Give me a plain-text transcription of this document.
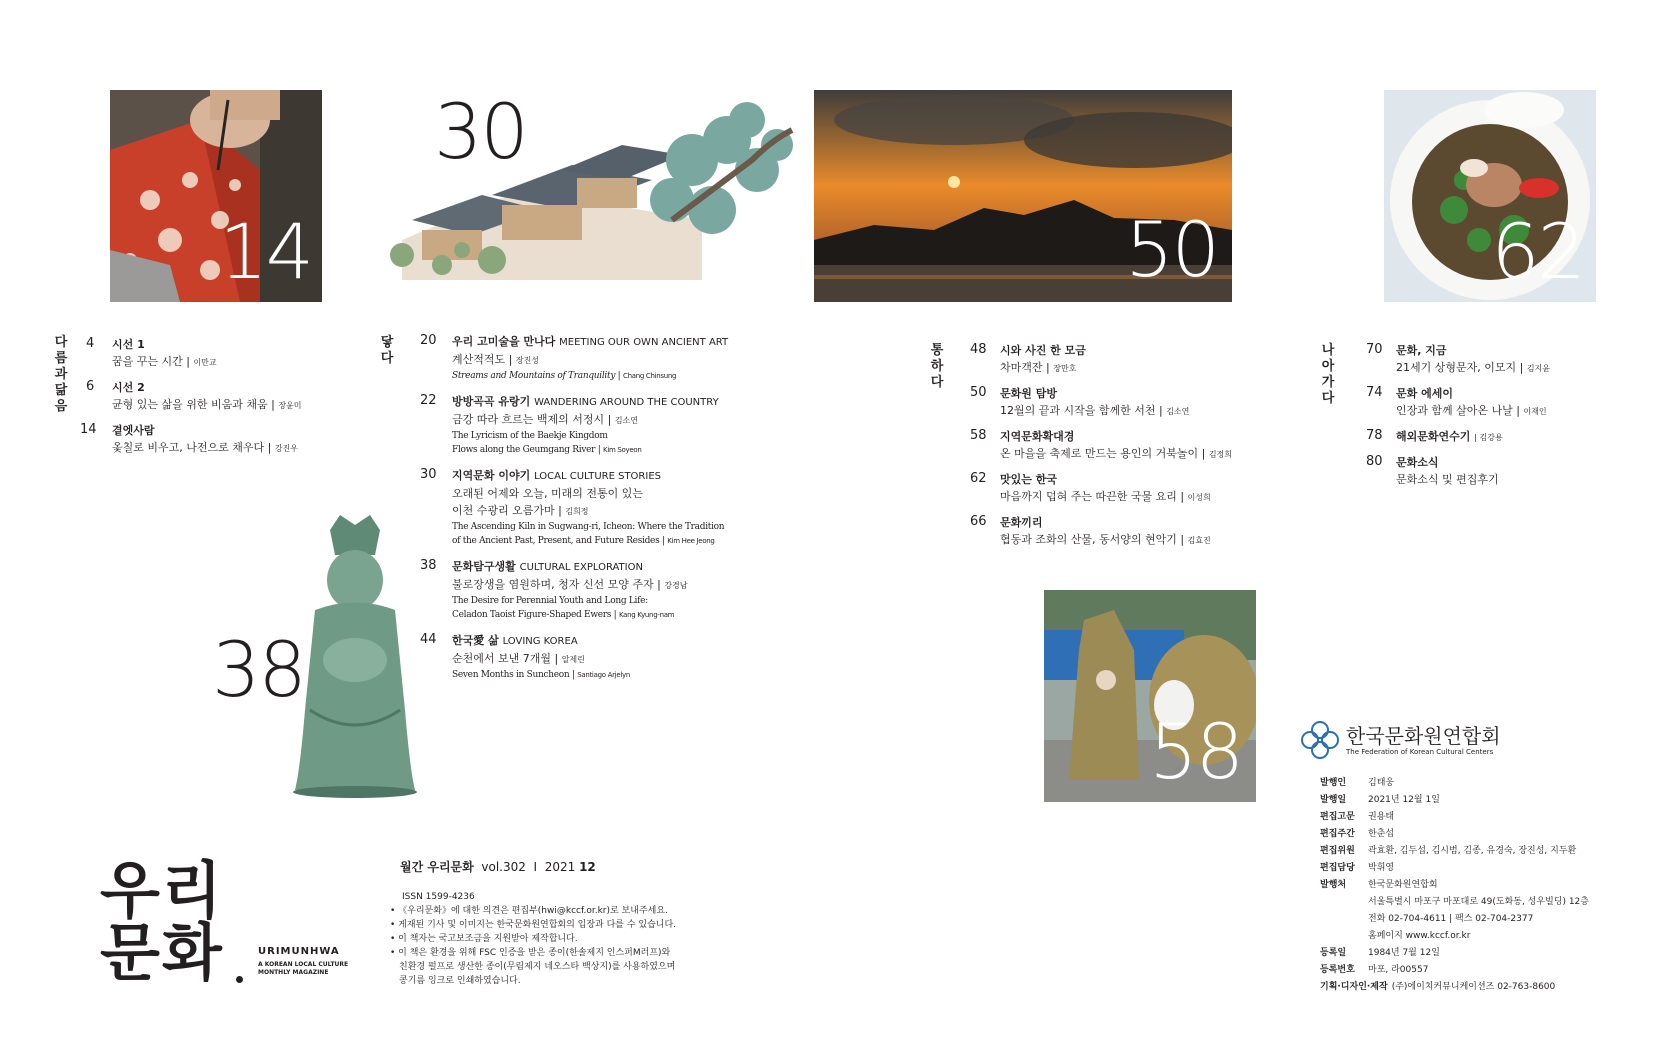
14
30
50	62
38
58
다름과 닮음
닿다
통하다
나아가다
4 시선 1
꿈을 꾸는 시간 | 이만교
6 시선 2
균형 있는 삶을 위한 비움과 채움 | 장윤미
14 곁엣사람
옻칠로 비우고, 나전으로 채우다 | 강진우
20 우리 고미술을 만나다 MEETING OUR OWN ANCIENT ART
계산적적도 | 장진성
Streams and Mountains of Tranquility | Chang Chinsung
22 방방곡곡 유랑기 WANDERING AROUND THE COUNTRY
금강 따라 흐르는 백제의 서정시 | 김소연
The Lyricism of the Baekje Kingdom
Flows along the Geumgang River | Kim Soyeon
30 지역문화 이야기 LOCAL CULTURE STORIES
오래된 어제와 오늘, 미래의 전통이 있는
이천 수광리 오름가마 | 김희정
The Ascending Kiln in Sugwang-ri, Icheon: Where the Tradition
of the Ancient Past, Present, and Future Resides | Kim Hee Jeong
38 문화탐구생활 CULTURAL EXPLORATION
불로장생을 염원하며, 청자 신선 모양 주자 | 강경남
The Desire for Perennial Youth and Long Life:
Celadon Taoist Figure-Shaped Ewers | Kang Kyung-nam
44 한국愛 삶 LOVING KOREA
순천에서 보낸 7개월 | 알제린
Seven Months in Suncheon | Santiago Arjelyn
48 시와 사진 한 모금
차마객잔 | 장만호
50 문화원 탐방
12월의 끝과 시작을 함께한 서천 | 김소연
58 지역문화확대경
온 마을을 축제로 만드는 용인의 거북놀이 | 김정희
62 맛있는 한국
마음까지 덥혀 주는 따끈한 국물 요리 | 이성희
66 문화끼리
협동과 조화의 산물, 동서양의 현악기 | 김효진
70 문화, 지금
21세기 상형문자, 이모지 | 김지윤
74 문화 에세이
인장과 함께 살아온 나날 | 이재인
78 해외문화연수기 | 김강용
80 문화소식
문화소식 및 편집후기
우리
문화	URIMUNHWA
A KOREAN LOCAL CULTURE
MONTHLY MAGAZINE
월간 우리문화 vol.302 I 2021 12
ISSN 1599-4236
• 《우리문화》에 대한 의견은 편집부(hwi@kccf.or.kr)로 보내주세요.
• 게재된 기사 및 이미지는 한국문화원연합회의 입장과 다를 수 있습니다.
• 이 책자는 국고보조금을 지원받아 제작합니다.
• 이 책은 환경을 위해 FSC 인증을 받은 종이(한솔제지 인스퍼M러프)와
친환경 펄프로 생산한 종이(무림제지 네오스타 백상지)를 사용하였으며
콩기름 잉크로 인쇄하였습니다.
한국문화원연합회
The Federation of Korean Cultural Centers
발행인 김태웅
발행일 2021년 12월 1일
편집고문 권용태
편집주간 한춘섭
편집위원 곽효환, 김두섭, 김시범, 김종, 유경숙, 장진성, 지두환
편집담당 박휘영
발행처 한국문화원연합회
서울특별시 마포구 마포대로 49(도화동, 성우빌딩) 12층
전화 02-704-4611 | 팩스 02-704-2377
홈페이지 www.kccf.or.kr
등록일 1984년 7월 12일
등록번호 마포, 라00557
기획·디자인·제작 (주)에이치커뮤니케이션즈 02-763-8600
